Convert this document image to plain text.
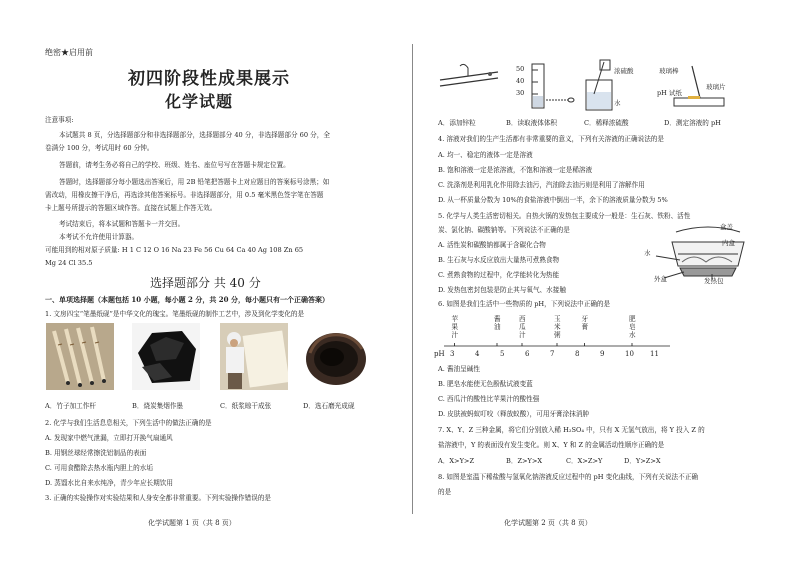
绝密★启用前
初四阶段性成果展示
化学试题
注意事项:
本试题共 8 页，分选择题部分和非选择题部分，选择题部分 40 分，非选择题部分 60 分，全
卷满分 100 分，考试用时 60 分钟。
答题前，请考生务必将自己的学校、班级、姓名、座位号写在答题卡规定位置。
答题时，选择题部分每小题选出答案后，用 2B 铅笔把答题卡上对应题目的答案标号涂黑；如
需改动，用橡皮擦干净后，再选涂其他答案标号。非选择题部分，用 0.5 毫米黑色签字笔在答题
卡上题号所提示的答题区域作答。直接在试题上作答无效。
考试结束后，将本试题和答题卡一并交回。
本考试不允许使用计算器。
可能用到的相对原子质量: H 1 C 12 O 16 Na 23 Fe 56 Cu 64 Ca 40 Ag 108 Zn 65
Mg 24 Cl 35.5
选择题部分 共 40 分
一、单项选择题（本题包括 10 小题，每小题 2 分，共 20 分，每小题只有一个正确答案）
1. 文房四宝“笔墨纸砚”是中华文化的瑰宝。笔墨纸砚的制作工艺中，涉及到化学变化的是
A．竹子加工作杆	B．烧炭集烟作墨	C．纸浆晾干成张	D．选石磨光成砚
2. 化学与我们生活息息相关，下列生活中的做法正确的是
A. 发现家中燃气泄漏，立即打开换气扇通风
B. 用钢丝球经常擦洗铝制品的表面
C. 可用食醋除去热水瓶内胆上的水垢
D. 蒸馏水比自来水纯净，青少年应长期饮用
3. 正确的实验操作对实验结果和人身安全都非常重要。下列实验操作错误的是
化学试题第 1 页（共 8 页）
50
40
30
浓硫酸
水
玻璃棒
pH 试纸
玻璃片
A．添加锌粒	B．读取液体体积	C．稀释浓硫酸	D．测定溶液的 pH
4. 溶液对我们的生产生活都有非常重要的意义，下列有关溶液的正确说法的是
A. 均一、稳定的液体一定是溶液
B. 饱和溶液一定是浓溶液，不饱和溶液一定是稀溶液
C. 洗涤剂是利用乳化作用除去油污，汽油除去油污则是利用了溶解作用
D. 从一杯质量分数为 10%的食盐溶液中倒出一半，余下的溶液质量分数为 5%
5. 化学与人类生活密切相关。自热火锅的发热包主要成分一般是：生石灰、铁粉、活性
炭、氯化钠、碳酸钠等。下列说法不正确的是
A. 活性炭和碳酸钠都属于含碳化合物
B. 生石灰与水反应放出大量热可煮熟食物
C. 煮熟食物的过程中，化学能转化为热能
D. 发热包密封包装是防止其与氧气、水接触
盒盖
内盒
水
外盒	发热包
6. 如图是我们生活中一些物质的 pH，下列说法中正确的是
pH 3	4	5	6	7	8	9	10 11
苹
果
汁
酱
油
西
瓜
汁
玉
米
粥
牙
膏
肥
皂
水
A. 酱油呈碱性
B. 肥皂水能使无色酚酞试液变蓝
C. 西瓜汁的酸性比苹果汁的酸性强
D. 皮肤被蚂蚁叮咬（释放蚁酸），可用牙膏涂抹消肿
7. X、Y、Z 三种金属，将它们分别放入稀 H₂SO₄ 中，只有 X 无氢气放出，将 Y 投入 Z 的
盐溶液中，Y 的表面没有发生变化。则 X、Y 和 Z 的金属活动性顺序正确的是
A．X>Y>Z	B．Z>Y>X	C．X>Z>Y	D．Y>Z>X
8. 如图是室温下稀盐酸与氢氧化钠溶液反应过程中的 pH 变化曲线，下列有关说法不正确
的是
化学试题第 2 页（共 8 页）
